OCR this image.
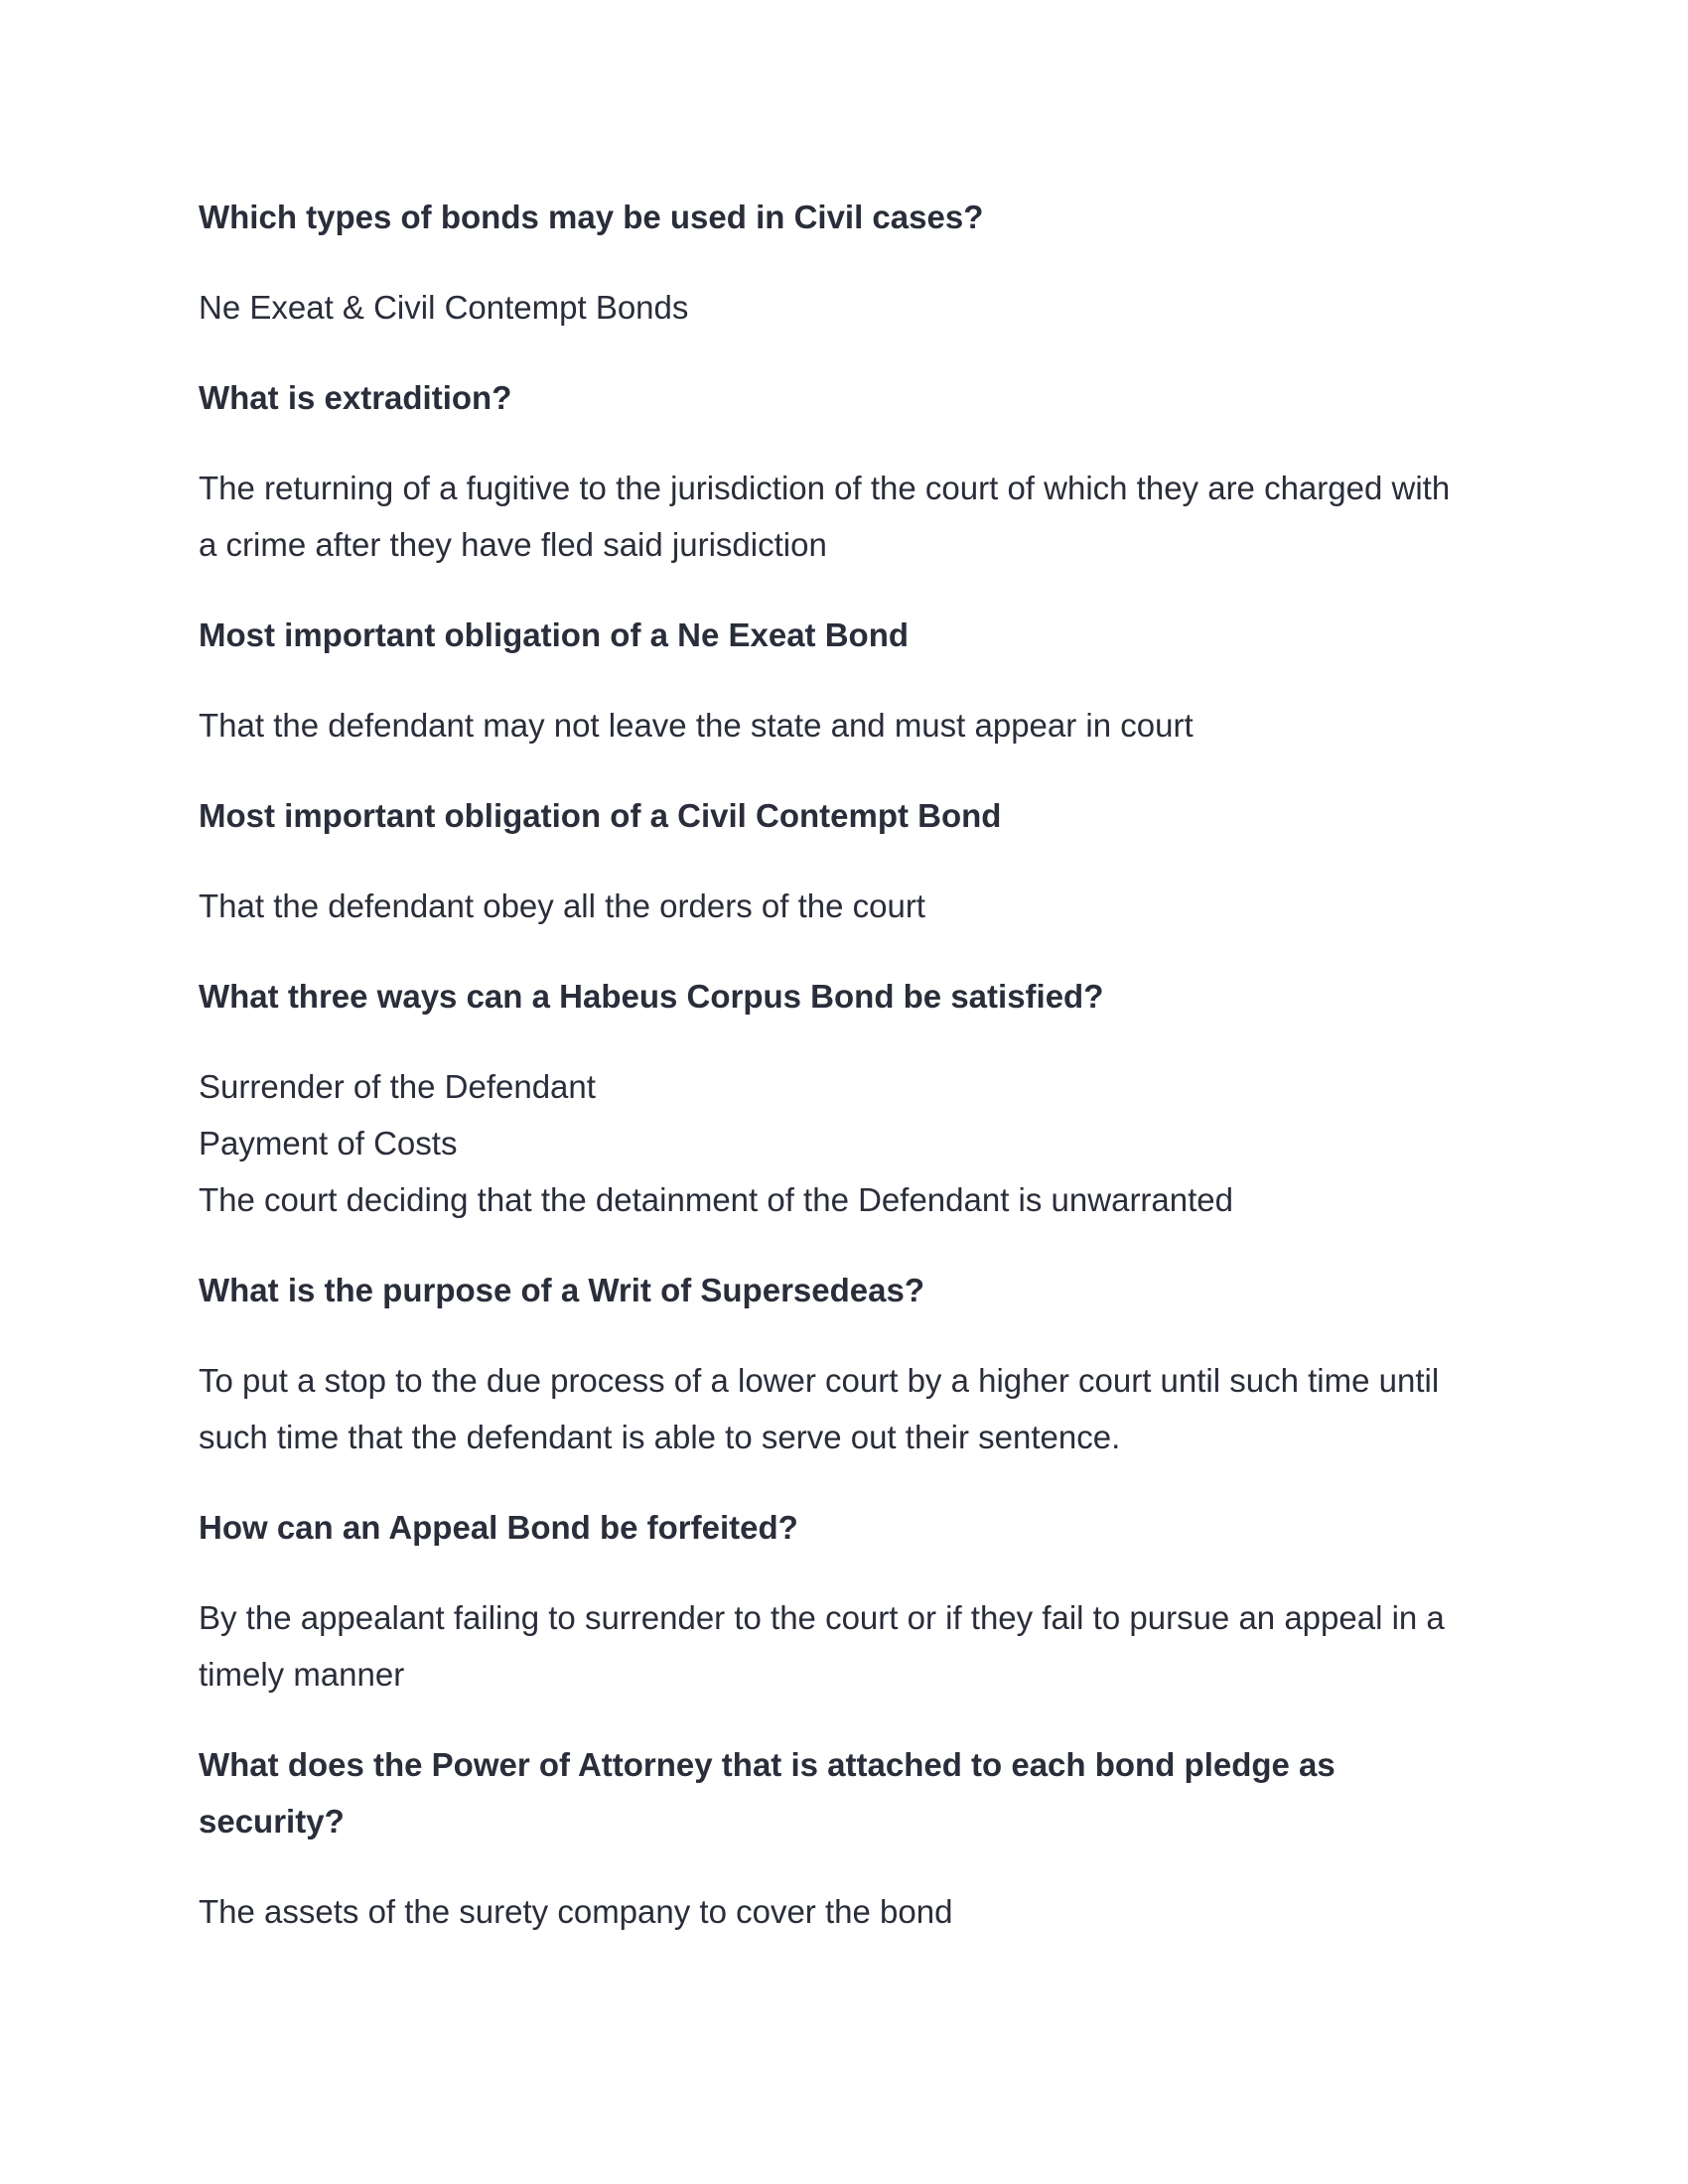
Which types of bonds may be used in Civil cases?

Ne Exeat & Civil Contempt Bonds

What is extradition?

The returning of a fugitive to the jurisdiction of the court of which they are charged with
a crime after they have fled said jurisdiction

Most important obligation of a Ne Exeat Bond

That the defendant may not leave the state and must appear in court

Most important obligation of a Civil Contempt Bond

That the defendant obey all the orders of the court

What three ways can a Habeus Corpus Bond be satisfied?

Surrender of the Defendant
Payment of Costs
The court deciding that the detainment of the Defendant is unwarranted

What is the purpose of a Writ of Supersedeas?

To put a stop to the due process of a lower court by a higher court until such time until
such time that the defendant is able to serve out their sentence.

How can an Appeal Bond be forfeited?

By the appealant failing to surrender to the court or if they fail to pursue an appeal in a
timely manner

What does the Power of Attorney that is attached to each bond pledge as
security?

The assets of the surety company to cover the bond
